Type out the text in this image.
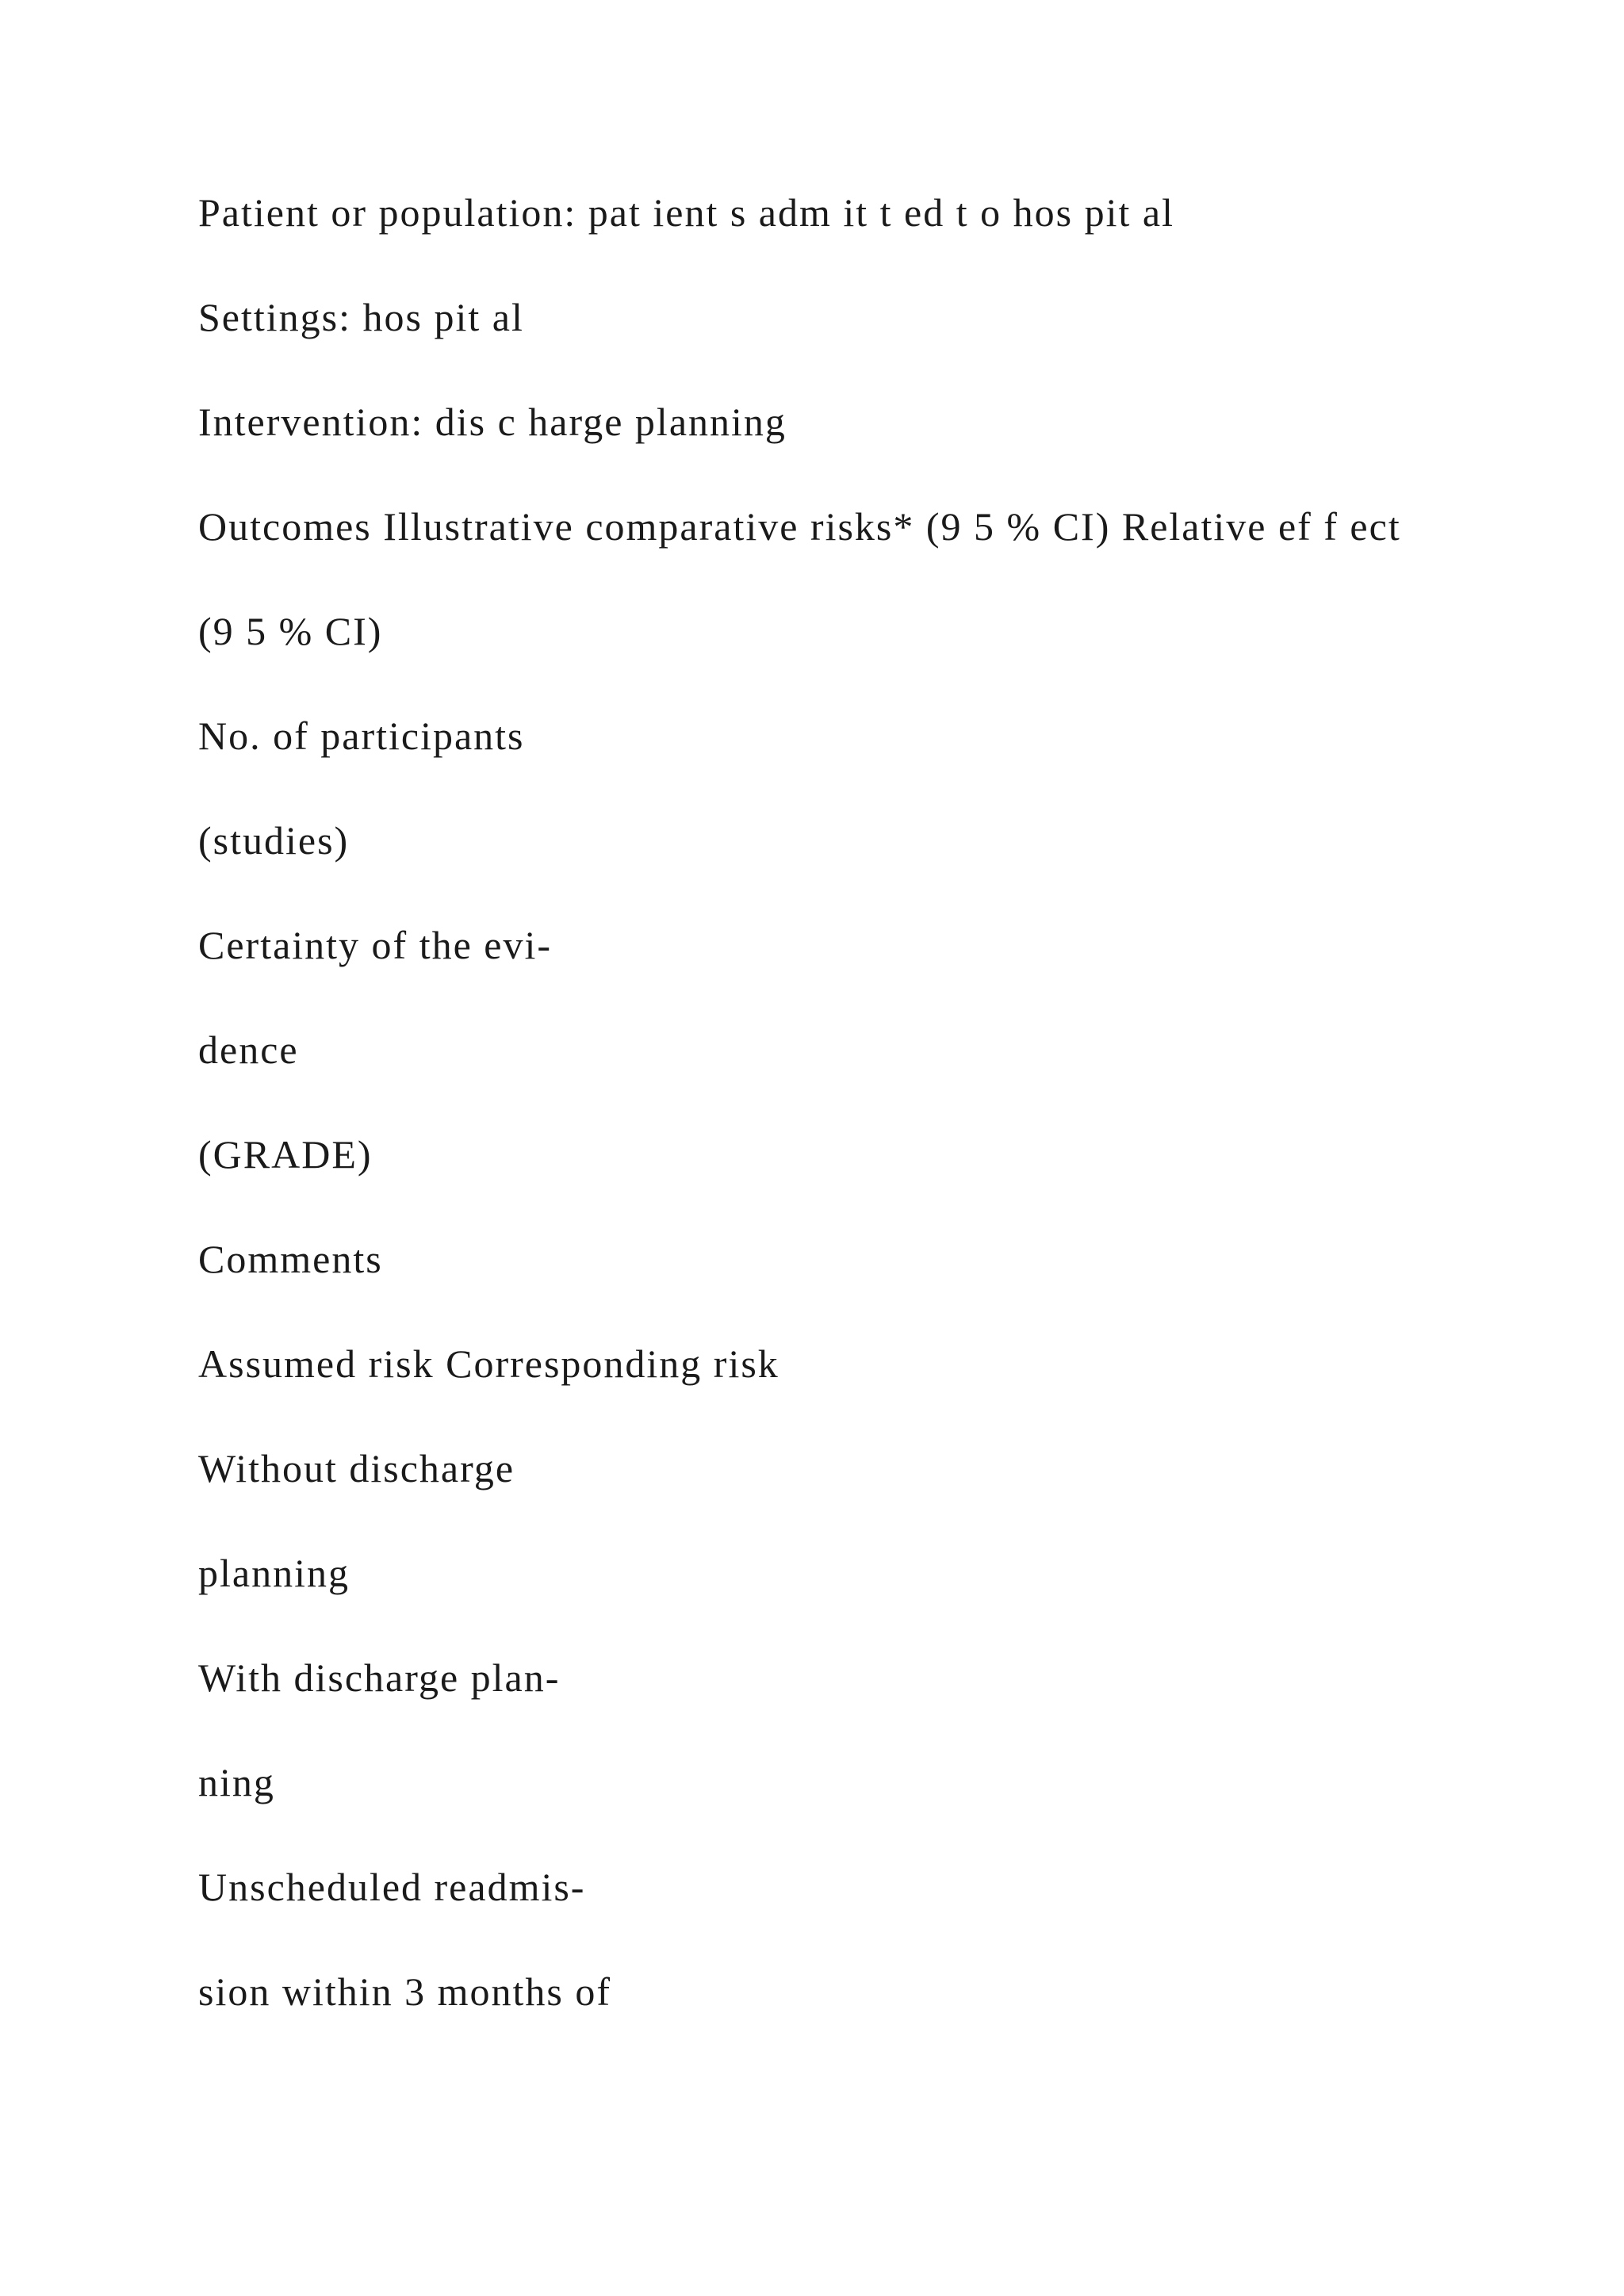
Patient or population: pat ient s adm it t ed t o hos pit al

Settings: hos pit al

Intervention: dis c harge planning

Outcomes Illustrative comparative risks* (9 5 % CI) Relative ef f ect

(9 5 % CI)

No. of participants

(studies)

Certainty of the evi-

dence

(GRADE)

Comments

Assumed risk Corresponding risk

Without discharge

planning

With discharge plan-

ning

Unscheduled readmis-

sion within 3 months of
